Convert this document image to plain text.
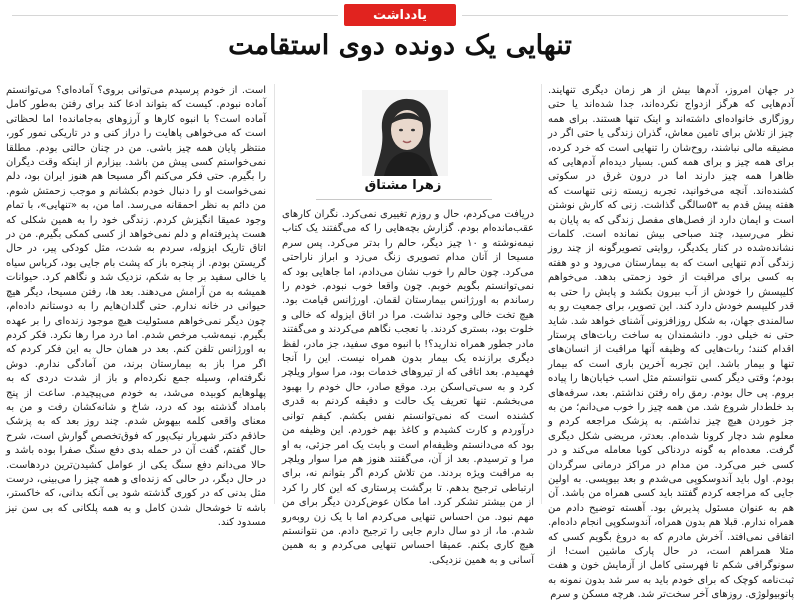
یادداشت
تنهایی یک دونده دوی استقامت
زهرا مشتاق

در جهان امروز، آدم‌ها بیش از هر زمان دیگری تنهایند. آدم‌هایی که هرگز ازدواج نکرده‌اند، جدا شده‌اند یا حتی روزگاری خانواده‌ای داشته‌اند و اینک تنها هستند. برای همه چیز از تلاش برای تامین معاش، گذران زندگی یا حتی اگر در مضیقه مالی نباشند، روح‌شان را تنهایی است که خرد کرده، برای همه چیز و برای همه کس. بسیار دیده‌ام آدم‌هایی که ظاهرا همه چیز دارند اما در درون غرق در سکوتی کشنده‌اند. آنچه می‌خوانید، تجربه زیسته زنی تنهاست که هفته پیش قدم به ۵۳سالگی گذاشت. زنی که کارش نوشتن است و ایمان دارد از فصل‌های مفصل زندگی که به پایان به نظر می‌رسید، چند صباحی بیش نمانده است. کلمات نشانده‌شده در کنار یکدیگر، روایتی تصویرگونه از چند روز زندگی آدم تنهایی است که به بیمارستان می‌رود و دو هفته به کسی برای مراقبت از خود زحمتی بدهد. می‌خواهم کلیپسش را خودش از آب بیرون بکشد و پایش را حتی به قدر کلیپسم خودش دارد کند. این تصویر، برای جمعیت رو به سالمندی جهان، به شکل روزافزونی آشنای خواهد شد. شاید حتی نه خیلی دور. دانشمندان به ساخت ربات‌های پرستار اقدام کنند؛ ربات‌هایی که وظیفه آنها مراقبت از انسان‌های تنها و بیمار باشد. این تجربه آخرین باری است که بیمار بودم؛ وقتی دیگر کسی نتوانستم مثل اسب خیابان‌ها را پیاده بروم. پی حال بودم. رمق راه رفتن نداشتم. بعد، سرفه‌های بد خلط‌دار شروع شد. من همه چیز را خوب می‌دانم؛ من به جز خوردن هیچ چیز نداشتم. به پزشک مراجعه کردم و معلوم شد دچار کرونا شده‌ام. بعدتر، مریضی شکل دیگری گرفت. معده‌ام به گونه دردناکی کوبا معامله می‌کند و در کسی خبر می‌کرد. من مدام در مراکز درمانی سرگردان بودم. اول باید آندوسکوپی می‌شدم و بعد بیوپسی. به اولین جایی که مراجعه کردم گفتند باید کسی همراه من باشد. آن هم به عنوان مسئول پذیرش بود. آهسته توضیح دادم من همراه ندارم. قبلا هم بدون همراه، آندوسکوپی انجام داده‌ام. اتفاقی نمی‌افتد. آخرش مادرم که به دروغ بگویم کسی که مثلا همراهم است، در حال پارک ماشین است! از سونوگرافی شکم تا فهرستی کامل از آزمایش خون و هفت ثبت‌نامه کوچک که برای خودم باید به سر شد بدون نمونه به پاتوبیولوژی. روزهای آخر سخت‌تر شد. هرچه مسکن و سرم

دریافت می‌کردم، حال و روزم تغییری نمی‌کرد. نگران کارهای عقب‌مانده‌ام بودم. گزارش بچه‌هایی را که می‌گفتند یک کتاب نیمه‌نوشته و ۱۰ چیز دیگر، حالم را بدتر می‌کرد. پس سرم مسیحا از آنان مدام تصویری زنگ می‌زد و ابراز ناراحتی می‌کرد. چون حالم را خوب نشان می‌دادم، اما جاهایی بود که نمی‌توانستم بگویم خوبم. چون واقعا خوب نبودم. خودم را رساندم به اورژانس بیمارستان لقمان. اورژانس قیامت بود. هیچ تخت خالی وجود نداشت. مرا در اتاق ایزوله که خالی و خلوت بود، بستری کردند. با تعجب نگاهم می‌کردند و می‌گفتند مادر جطور همراه ندارید؟! با انبوه موی سفید، جز مادر، لفظ دیگری برازنده یک بیمار بدون همراه نیست. این را آنجا فهمیدم. بعد اتاقی که از تیروهای خدمات بود، مرا سوار ویلچر کرد و به سی‌تی‌اسکن برد. موقع صادر، حال خودم را بهبود می‌بخشم. تنها تعریف یک حالت و دقیقه کردنم به قدری کشنده است که نمی‌توانستم نفس بکشم. کیفم توانی درآوردم و کارت کشیدم و کاغذ بهم خوردم. این وظیفه من بود که می‌دانستم وظیفه‌ام است و بابت یک امر جزئی، به او مرا و ترسیدم. بعد از آن، می‌گفتند هنوز هم مرا سوار ویلچر به مراقبت ویژه بردند. من تلاش کردم اگر بتوانم نه، برای ارتباطی ترجیح بدهم. تا برگشت پرستاری که این کار را کرد از من بیشتر تشکر کرد. اما مکان عوض‌کردن دیگر برای من مهم نبود. من احساس تنهایی می‌کردم اما با یک زن روبه‌رو شدم. ما، از دو سال دارم جایی را ترجیح دادم. من نتوانستم هیچ کاری بکنم. عمیقا احساس تنهایی می‌کردم و به همین آسانی و به همین نزدیکی.

است. از خودم پرسیدم می‌توانی بروی؟ آماده‌ای؟ می‌توانستم آماده نبودم. کیست که بتواند ادعا کند برای رفتن به‌طور کامل آماده است؟ با انبوه کارها و آرزوهای به‌جامانده! اما لحظاتی است که می‌خواهی پاهایت را دراز کنی و در تاریکی نمور کور، منتظر پایان همه چیز باشی. من در چنان حالتی بودم. مطلقا نمی‌خواستم کسی پیش من باشد. بیزارم از اینکه وقت دیگران را بگیرم. حتی فکر می‌کنم اگر مسیحا هم هنوز ایران بود، دلم نمی‌خواست او را دنبال خودم بکشانم و موجب زحمتش شوم. من دائم به نظر احمقانه می‌رسد. اما من، به «تنهایی»، با تمام وجود عمیقا انگیزش کردم. زندگی خود را به همین شکلی که هست پذیرفته‌ام و دلم نمی‌خواهد از کسی کمکی بگیرم. من در اتاق تاریک ایزوله، سردم به شدت، مثل کودکی پیر، در حال گریستن بودم. از پنجره باز که پشت بام جایی بود، کرباس سیاه یا خالی سفید بر جا به شکم، نزدیک شد و نگاهم کرد. حیوانات همیشه به من آرامش می‌دهند. بعد ها، رفتن مسیحا، دیگر هیچ حیوانی در خانه ندارم. حتی گلدان‌هایم را به دوستانم داده‌ام، چون دیگر نمی‌خواهم مسئولیت هیچ موجود زنده‌ای را بر عهده بگیرم. نیمه‌شب مرخص شدم. اما درد مرا رها نکرد. فکر کردم به اورژانس تلفن کنم. بعد در همان حال به این فکر کردم که اگر مرا باز به بیمارستان برند، من آمادگی ندارم. دوش نگرفته‌ام، وسیله جمع نکرده‌ام و باز از شدت دردی که به پهلوهایم کوبیده می‌شد، به خودم می‌پیچیدم. ساعت از پنج بامداد گذشته بود که درد، شاخ و شانه‌کشان رفت و من به معنای واقعی کلمه بیهوش شدم. چند روز بعد که به پزشک حاذقم دکتر شهریار نیک‌پور که فوق‌تخصص گوارش است، شرح حال گفتم، گفت آن در حمله بدی دفع سنگ صفرا بوده باشد و حالا می‌دانم دفع سنگ یکی از عوامل کشیدن‌ترین دردهاست. در حال دیگر، در حالی که زنده‌ای و همه چیز را می‌بینی، درست مثل بدنی که در کوری گذشته شود بی آنکه بدانی، که خاکستر، باشه تا خوشحال شدن کامل و به همه پلکانی که بی سن نیز مسدود کند.
